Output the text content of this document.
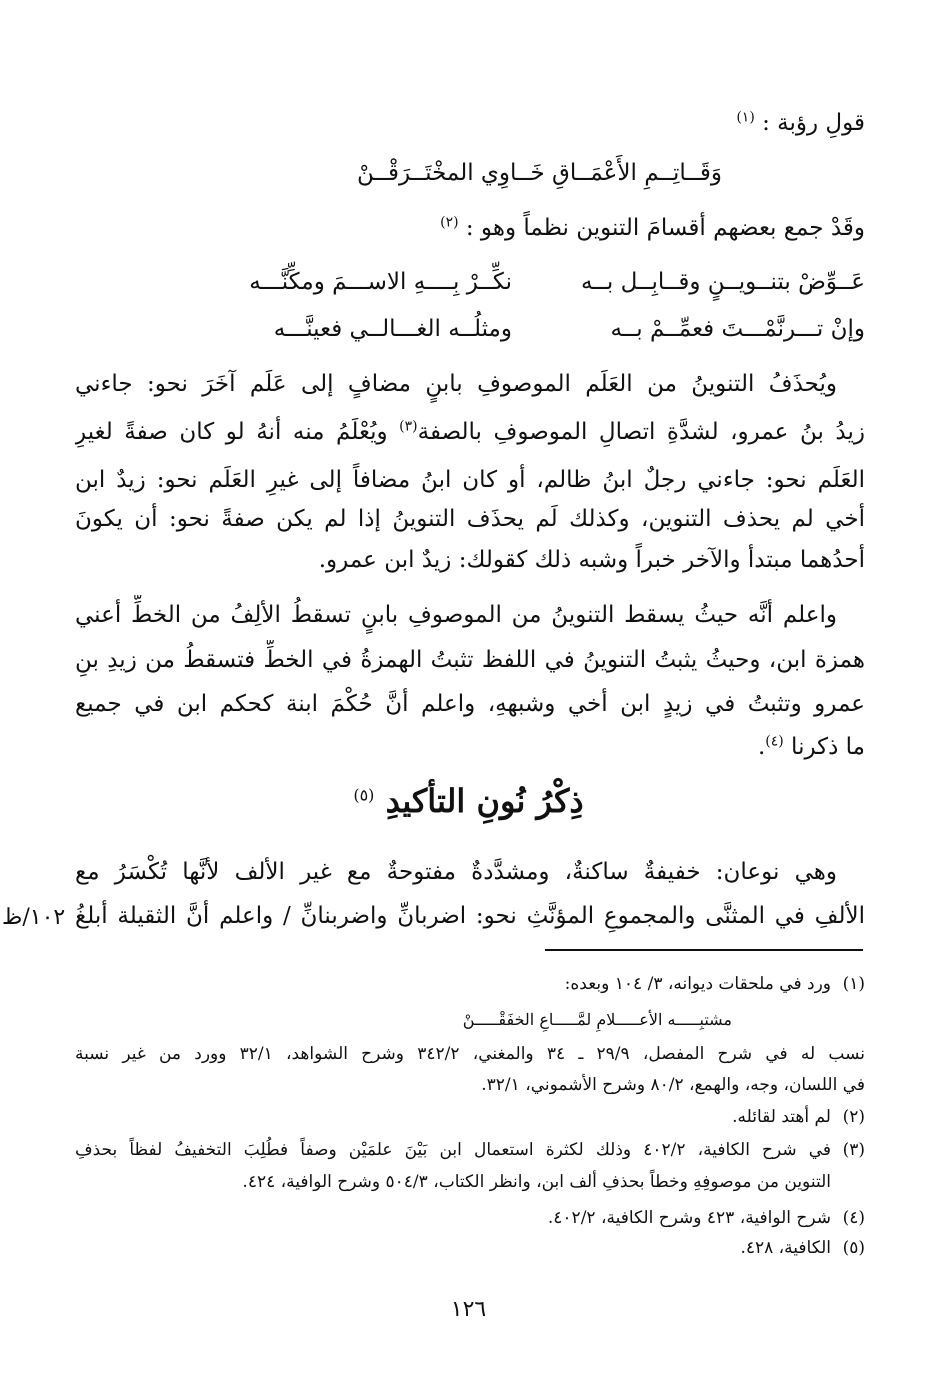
قولِ رؤبة : $^{(١)}$
وَقَــاتِــمِ الأَعْمَــاقِ خَــاوِي المخْتَــرَقْــنْ
وقَدْ جمع بعضهم أقسامَ التنوين نظماً وهو : $^{(٢)}$
عَــوِّضْ بتنــويــنٍ وقــابِــل بــه
نكِّــرْ بِــــهِ الاســـمَ ومكِّنَّـــه
وإنْ تـــرنَّمْـــتَ فعمِّــمْ بــه
ومثلُــه الغـــالــي فعينَّـــه
ويُحذَفُ التنوينُ من العَلَم الموصوفِ بابنٍ مضافٍ إلى عَلَم آخَرَ نحو: جاءني
زيدُ بنُ عمرو، لشدَّةِ اتصالِ الموصوفِ بالصفة$^{(٣)}$ ويُعْلَمُ منه أنهُ لو كان صفةً لغيرِ
العَلَم نحو: جاءني رجلٌ ابنُ ظالم، أو كان ابنُ مضافاً إلى غيرِ العَلَم نحو: زيدٌ ابن
أخي لم يحذف التنوين، وكذلك لَم يحذَف التنوينُ إذا لم يكن صفةً نحو: أن يكونَ
أحدُهما مبتدأ والآخر خبراً وشبه ذلك كقولك: زيدٌ ابن عمرو.
واعلم أنَّه حيثُ يسقط التنوينُ من الموصوفِ بابنٍ تسقطُ الألِفُ من الخطِّ أعني
همزة ابن، وحيثُ يثبتُ التنوينُ في اللفظ تثبتُ الهمزةُ في الخطِّ فتسقطُ من زيدِ بنِ
عمرو وتثبتُ في زيدٍ ابن أخي وشبههِ، واعلم أنَّ حُكْمَ ابنة كحكم ابن في جميع
ما ذكرنا $^{(٤)}$.
ذِكْرُ نُونِ التأكيدِ $^{(٥)}$
وهي نوعان: خفيفةٌ ساكنةٌ، ومشدَّدةٌ مفتوحةٌ مع غير الألف لأنَّها تُكْسَرُ مع
الألفِ في المثنَّى والمجموعِ المؤنَّثِ نحو: اضربانِّ واضربنانِّ / واعلم أنَّ الثقيلة أبلغُ
١٠٢/ظ
(١)ورد في ملحقات ديوانه، ٣/ ١٠٤ وبعده:
مشتبِـــــه الأعـــــلامِ لمَّـــــاعِ الخفَقْـــــنْ
نسب له في شرح المفصل، ٢٩/٩ ـ ٣٤ والمغني، ٣٤٢/٢ وشرح الشواهد، ٣٢/١ وورد من غير نسبة
في اللسان، وجه، والهمع، ٨٠/٢ وشرح الأشموني، ٣٢/١.
(٢)لم أهتد لقائله.
(٣)في شرح الكافية، ٤٠٢/٢ وذلك لكثرة استعمال ابن بَيْنَ علمَيْن وصفاً فطُلِبَ التخفيفُ لفظاً بحذفِ
التنوين من موصوفِهِ وخطاً بحذفِ ألف ابن، وانظر الكتاب، ٥٠٤/٣ وشرح الوافية، ٤٢٤.
(٤)شرح الوافية، ٤٢٣ وشرح الكافية، ٤٠٢/٢.
(٥)الكافية، ٤٢٨.
١٢٦
